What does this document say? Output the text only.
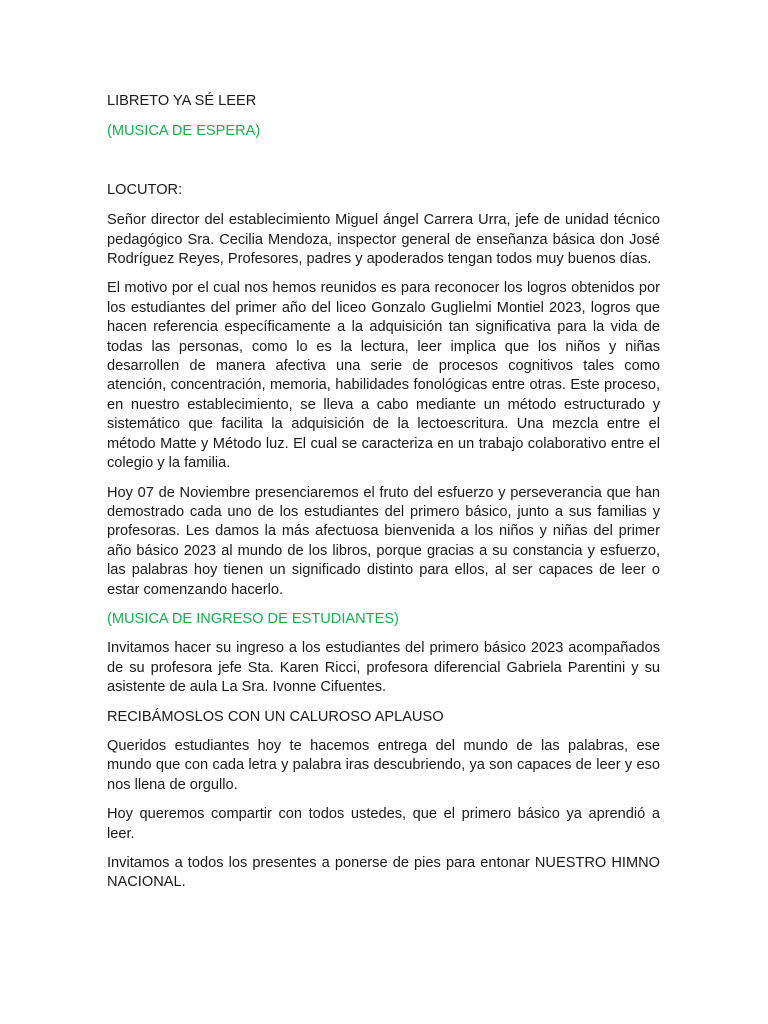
LIBRETO YA SÉ LEER

(MUSICA DE ESPERA)

LOCUTOR:

Señor director del establecimiento Miguel ángel Carrera Urra, jefe de unidad técnico pedagógico Sra. Cecilia Mendoza, inspector general de enseñanza básica don José Rodríguez Reyes, Profesores, padres y apoderados tengan todos muy buenos días.

El motivo por el cual nos hemos reunidos es para reconocer los logros obtenidos por los estudiantes del primer año del liceo Gonzalo Guglielmi Montiel 2023, logros que hacen referencia específicamente a la adquisición tan significativa para la vida de todas las personas, como lo es la lectura, leer implica que los niños y niñas desarrollen de manera afectiva una serie de procesos cognitivos tales como atención, concentración, memoria, habilidades fonológicas entre otras. Este proceso, en nuestro establecimiento, se lleva a cabo mediante un método estructurado y sistemático que facilita la adquisición de la lectoescritura. Una mezcla entre el método Matte y Método luz. El cual se caracteriza en un trabajo colaborativo entre el colegio y la familia.

Hoy 07 de Noviembre presenciaremos el fruto del esfuerzo y perseverancia que han demostrado cada uno de los estudiantes del primero básico, junto a sus familias y profesoras. Les damos la más afectuosa bienvenida a los niños y niñas del primer año básico 2023 al mundo de los libros, porque gracias a su constancia y esfuerzo, las palabras hoy tienen un significado distinto para ellos, al ser capaces de leer o estar comenzando hacerlo.

(MUSICA DE INGRESO DE ESTUDIANTES)

Invitamos hacer su ingreso a los estudiantes del primero básico 2023 acompañados de su profesora jefe Sta. Karen Ricci, profesora diferencial Gabriela Parentini y su asistente de aula La Sra. Ivonne Cifuentes.

RECIBÁMOSLOS CON UN CALUROSO APLAUSO

Queridos estudiantes hoy te hacemos entrega del mundo de las palabras, ese mundo que con cada letra y palabra iras descubriendo, ya son capaces de leer y eso nos llena de orgullo.

Hoy queremos compartir con todos ustedes, que el primero básico ya aprendió a leer.

Invitamos a todos los presentes a ponerse de pies para entonar NUESTRO HIMNO NACIONAL.
